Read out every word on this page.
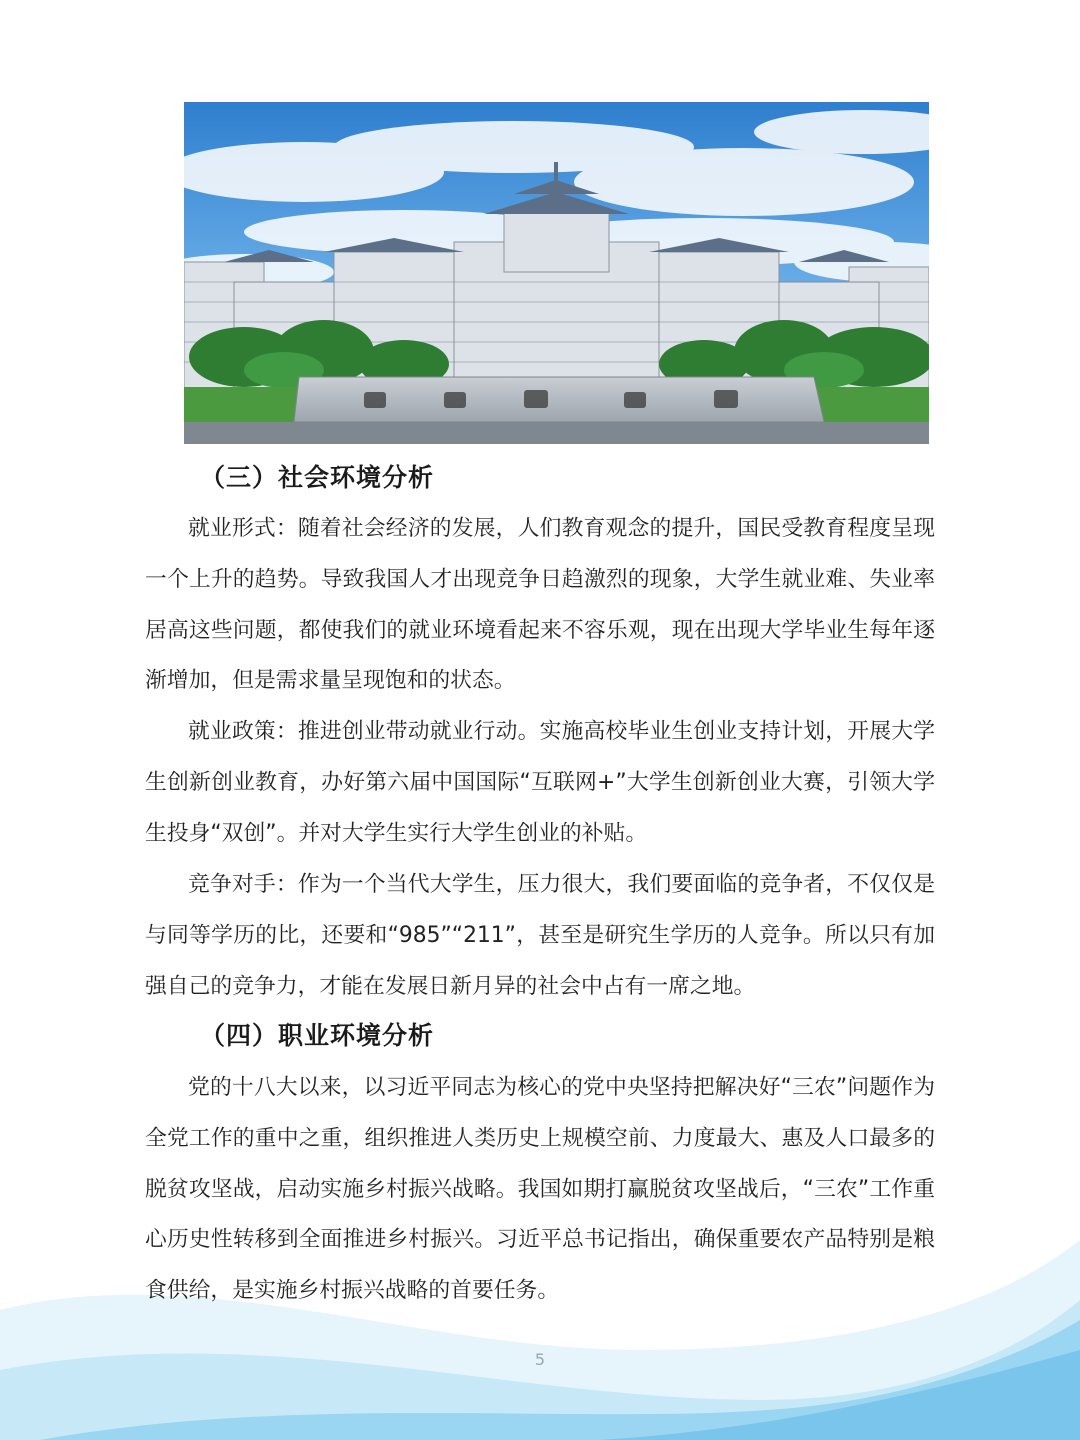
（三）社会环境分析

就业形式：随着社会经济的发展，人们教育观念的提升，国民受教育程度呈现一个上升的趋势。导致我国人才出现竞争日趋激烈的现象，大学生就业难、失业率居高这些问题，都使我们的就业环境看起来不容乐观，现在出现大学毕业生每年逐渐增加，但是需求量呈现饱和的状态。

就业政策：推进创业带动就业行动。实施高校毕业生创业支持计划，开展大学生创新创业教育，办好第六届中国国际“互联网+”大学生创新创业大赛，引领大学生投身“双创”。并对大学生实行大学生创业的补贴。

竞争对手：作为一个当代大学生，压力很大，我们要面临的竞争者，不仅仅是与同等学历的比，还要和“985”“211”，甚至是研究生学历的人竞争。所以只有加强自己的竞争力，才能在发展日新月异的社会中占有一席之地。

（四）职业环境分析

党的十八大以来，以习近平同志为核心的党中央坚持把解决好“三农”问题作为全党工作的重中之重，组织推进人类历史上规模空前、力度最大、惠及人口最多的脱贫攻坚战，启动实施乡村振兴战略。我国如期打赢脱贫攻坚战后，“三农”工作重心历史性转移到全面推进乡村振兴。习近平总书记指出，确保重要农产品特别是粮食供给，是实施乡村振兴战略的首要任务。

5
